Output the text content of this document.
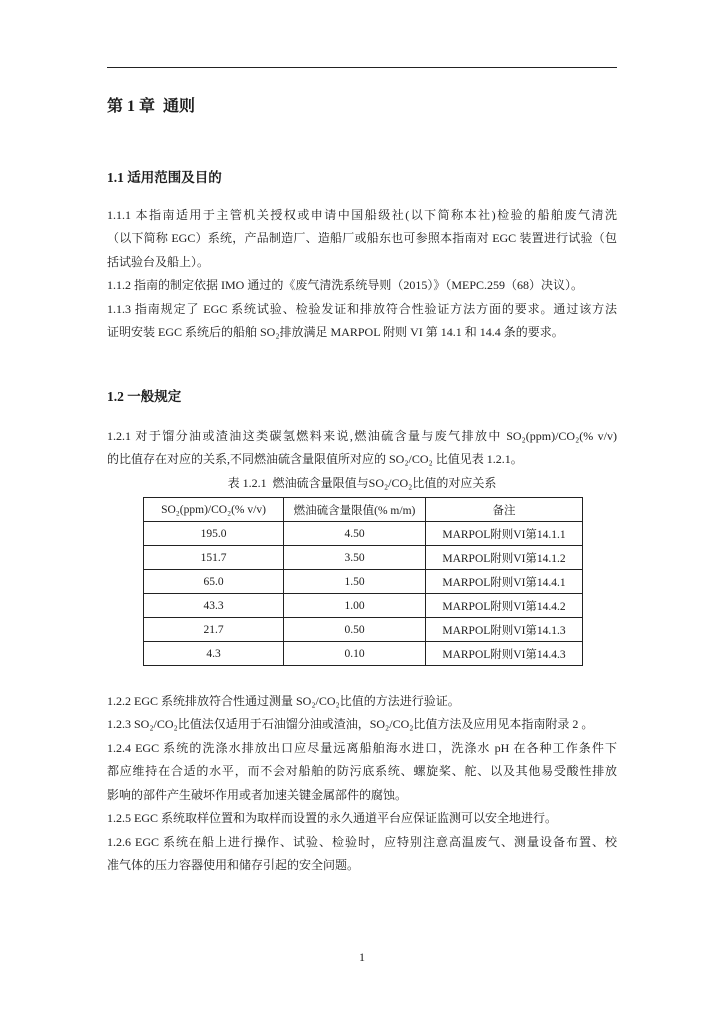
第 1 章  通则
1.1 适用范围及目的
1.1.1 本指南适用于主管机关授权或申请中国船级社(以下简称本社)检验的船舶废气清洗
（以下简称 EGC）系统，产品制造厂、造船厂或船东也可参照本指南对 EGC 装置进行试验（包
括试验台及船上）。
1.1.2 指南的制定依据 IMO 通过的《废气清洗系统导则（2015）》（MEPC.259（68）决议）。
1.1.3 指南规定了 EGC 系统试验、检验发证和排放符合性验证方法方面的要求。通过该方法
证明安装 EGC 系统后的船舶 SO₂排放满足 MARPOL 附则 VI 第 14.1 和 14.4 条的要求。
1.2 一般规定
1.2.1 对于馏分油或渣油这类碳氢燃料来说,燃油硫含量与废气排放中 SO₂(ppm)/CO₂(% v/v)
的比值存在对应的关系,不同燃油硫含量限值所对应的 SO₂/CO₂ 比值见表 1.2.1。
表 1.2.1  燃油硫含量限值与SO₂/CO₂比值的对应关系
SO₂(ppm)/CO₂(% v/v)	燃油硫含量限值(% m/m)	备注
195.0	4.50	MARPOL附则VI第14.1.1
151.7	3.50	MARPOL附则VI第14.1.2
65.0	1.50	MARPOL附则VI第14.4.1
43.3	1.00	MARPOL附则VI第14.4.2
21.7	0.50	MARPOL附则VI第14.1.3
4.3	0.10	MARPOL附则VI第14.4.3
1.2.2 EGC 系统排放符合性通过测量 SO₂/CO₂比值的方法进行验证。
1.2.3 SO₂/CO₂比值法仅适用于石油馏分油或渣油，SO₂/CO₂比值方法及应用见本指南附录 2 。
1.2.4 EGC 系统的洗涤水排放出口应尽量远离船舶海水进口，洗涤水 pH 在各种工作条件下
都应维持在合适的水平，而不会对船舶的防污底系统、螺旋桨、舵、以及其他易受酸性排放
影响的部件产生破坏作用或者加速关键金属部件的腐蚀。
1.2.5 EGC 系统取样位置和为取样而设置的永久通道平台应保证监测可以安全地进行。
1.2.6 EGC 系统在船上进行操作、试验、检验时，应特别注意高温废气、测量设备布置、校
准气体的压力容器使用和储存引起的安全问题。
1
